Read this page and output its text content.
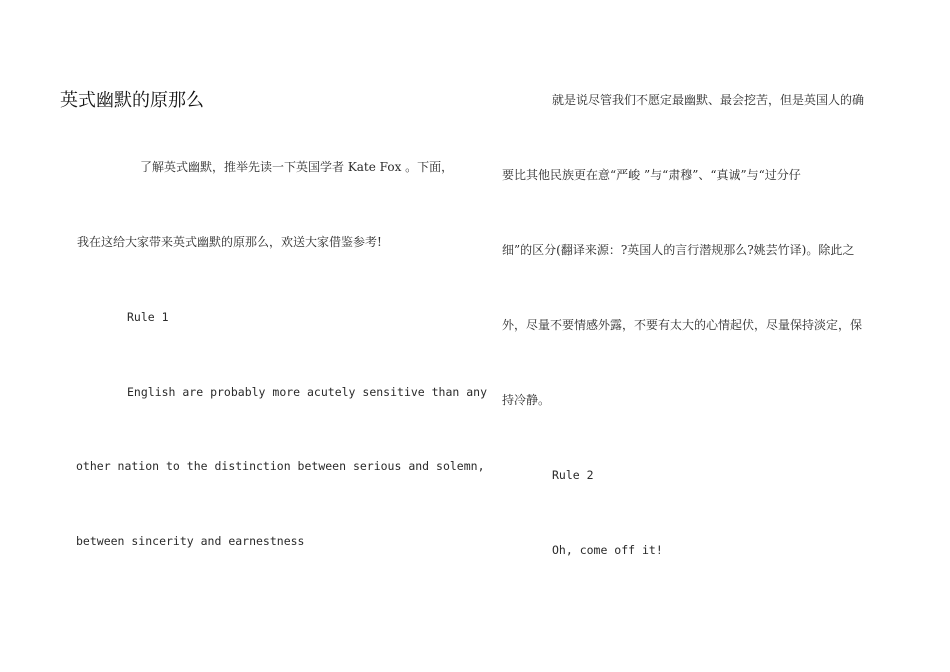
英式幽默的原那么
了解英式幽默，推举先读一下英国学者 Kate Fox 。下面，
我在这给大家带来英式幽默的原那么，欢送大家借鉴参考!
Rule 1
English are probably more acutely sensitive than any
other nation to the distinction between serious and solemn,
between sincerity and earnestness
就是说尽管我们不愿定最幽默、最会挖苦，但是英国人的确
要比其他民族更在意“严峻 ”与“肃穆”、“真诚”与“过分仔
细”的区分(翻译来源：?英国人的言行潜规那么?姚芸竹译)。除此之
外，尽量不要情感外露，不要有太大的心情起伏，尽量保持淡定，保
持冷静。
Rule 2
Oh, come off it!
